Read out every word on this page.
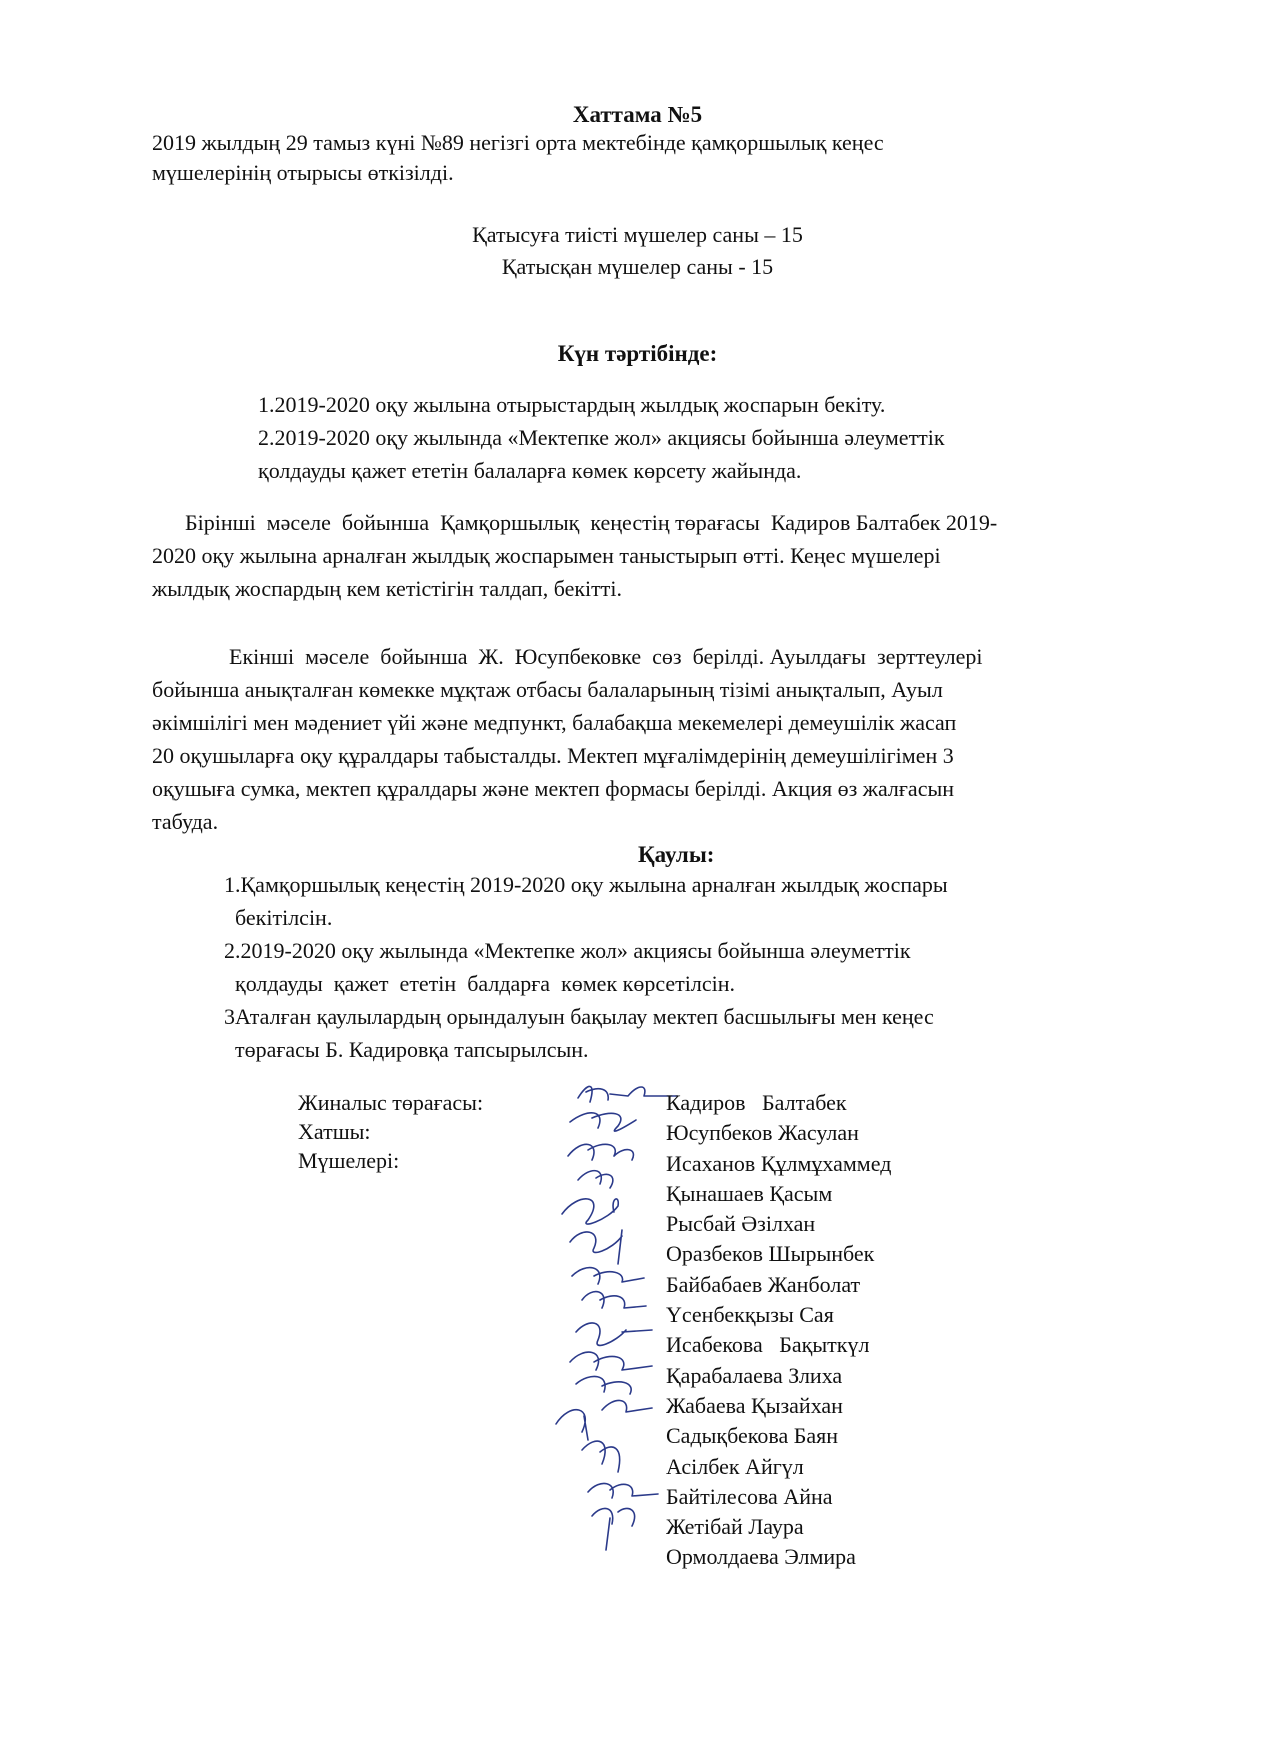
Хаттама №5
2019 жылдың 29 тамыз күні №89 негізгі орта мектебінде қамқоршылық кеңес
мүшелерінің отырысы өткізілді.
Қатысуға тиісті мүшелер саны – 15
Қатысқан мүшелер саны - 15
Күн тәртібінде:
1.2019-2020 оқу жылына отырыстардың жылдық жоспарын бекіту.
2.2019-2020 оқу жылында «Мектепке жол» акциясы бойынша әлеуметтік
қолдауды қажет ететін балаларға көмек көрсету жайында.
Бірінші  мәселе  бойынша  Қамқоршылық  кеңестің төрағасы  Кадиров Балтабек 2019-
2020 оқу жылына арналған жылдық жоспарымен таныстырып өтті. Кеңес мүшелері
жылдық жоспардың кем кетістігін талдап, бекітті.
Екінші  мәселе  бойынша  Ж.  Юсупбековке  сөз  берілді. Ауылдағы  зерттеулері
бойынша анықталған көмекке мұқтаж отбасы балаларының тізімі анықталып, Ауыл
әкімшілігі мен мәдениет үйі және медпункт, балабақша мекемелері демеушілік жасап
20 оқушыларға оқу құралдары табысталды. Мектеп мұғалімдерінің демеушілігімен 3
оқушыға сумка, мектеп құралдары және мектеп формасы берілді. Акция өз жалғасын
табуда.
Қаулы:
1.Қамқоршылық кеңестің 2019-2020 оқу жылына арналған жылдық жоспары
бекітілсін.
2.2019-2020 оқу жылында «Мектепке жол» акциясы бойынша әлеуметтік
қолдауды  қажет  ететін  балдарға  көмек көрсетілсін.
3Аталған қаулылардың орындалуын бақылау мектеп басшылығы мен кеңес
төрағасы Б. Кадировқа тапсырылсын.
Жиналыс төрағасы:
Хатшы:
Мүшелері:
Кадиров   Балтабек
Юсупбеков Жасулан
Исаханов Құлмұхаммед
Қынашаев Қасым
Рысбай Әзілхан
Оразбеков Шырынбек
Байбабаев Жанболат
Үсенбекқызы Сая
Исабекова   Бақыткүл
Қарабалаева Злиха
Жабаева Қызайхан
Садықбекова Баян
Асілбек Айгүл
Байтілесова Айна
Жетібай Лаура
Ормолдаева Элмира
